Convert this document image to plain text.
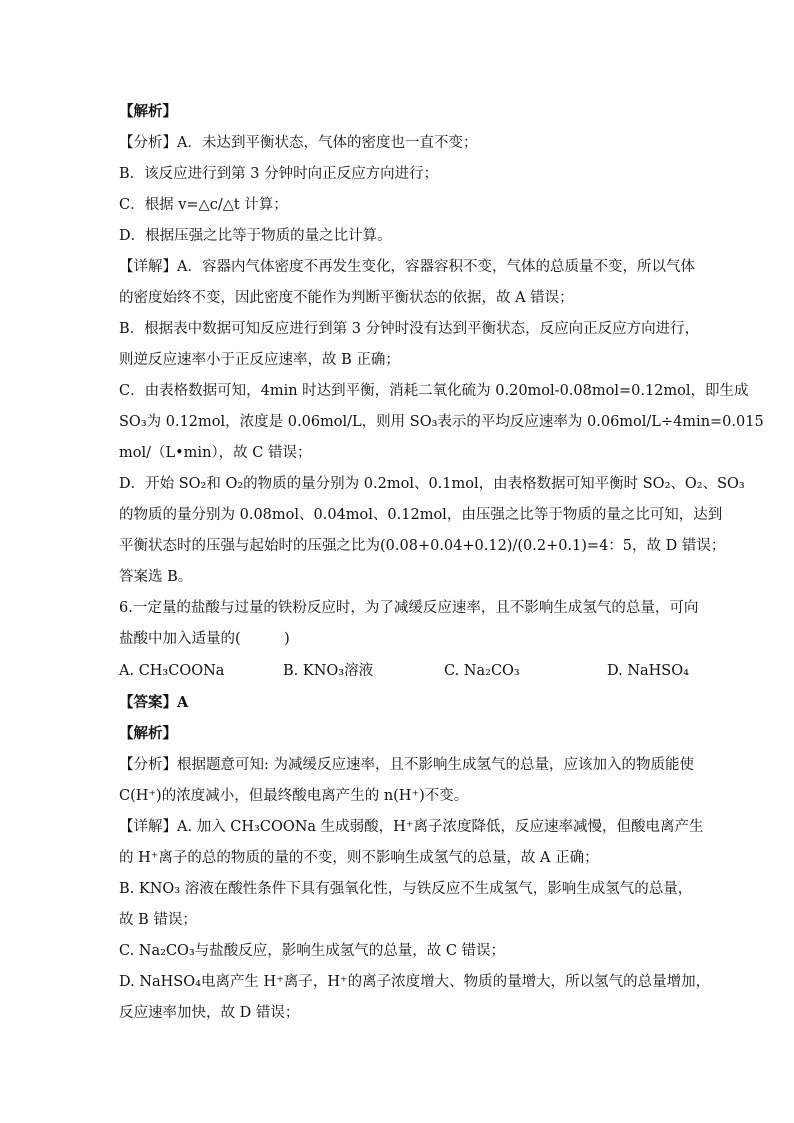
【解析】
【分析】A．未达到平衡状态，气体的密度也一直不变；
B．该反应进行到第 3 分钟时向正反应方向进行；
C．根据 v=△c/△t 计算；
D．根据压强之比等于物质的量之比计算。
【详解】A．容器内气体密度不再发生变化，容器容积不变，气体的总质量不变，所以气体
的密度始终不变，因此密度不能作为判断平衡状态的依据，故 A 错误；
B．根据表中数据可知反应进行到第 3 分钟时没有达到平衡状态，反应向正反应方向进行，
则逆反应速率小于正反应速率，故 B 正确；
C．由表格数据可知，4min 时达到平衡，消耗二氧化硫为 0.20mol-0.08mol=0.12mol，即生成
SO₃为 0.12mol，浓度是 0.06mol/L，则用 SO₃表示的平均反应速率为 0.06mol/L÷4min=0.015
mol/（L•min），故 C 错误；
D．开始 SO₂和 O₂的物质的量分别为 0.2mol、0.1mol，由表格数据可知平衡时 SO₂、O₂、SO₃
的物质的量分别为 0.08mol、0.04mol、0.12mol，由压强之比等于物质的量之比可知，达到
平衡状态时的压强与起始时的压强之比为(0.08+0.04+0.12)/(0.2+0.1)=4：5，故 D 错误；
答案选 B。
6.一定量的盐酸与过量的铁粉反应时，为了减缓反应速率，且不影响生成氢气的总量，可向
盐酸中加入适量的(　　　)
A. CH₃COONa	B. KNO₃溶液	C. Na₂CO₃	D. NaHSO₄
【答案】A
【解析】
【分析】根据题意可知: 为减缓反应速率，且不影响生成氢气的总量，应该加入的物质能使
C(H⁺)的浓度减小，但最终酸电离产生的 n(H⁺)不变。
【详解】A. 加入 CH₃COONa 生成弱酸，H⁺离子浓度降低，反应速率减慢，但酸电离产生
的 H⁺离子的总的物质的量的不变，则不影响生成氢气的总量，故 A 正确；
B. KNO₃ 溶液在酸性条件下具有强氧化性，与铁反应不生成氢气，影响生成氢气的总量，
故 B 错误；
C. Na₂CO₃与盐酸反应，影响生成氢气的总量，故 C 错误；
D. NaHSO₄电离产生 H⁺离子，H⁺的离子浓度增大、物质的量增大，所以氢气的总量增加，
反应速率加快，故 D 错误；
